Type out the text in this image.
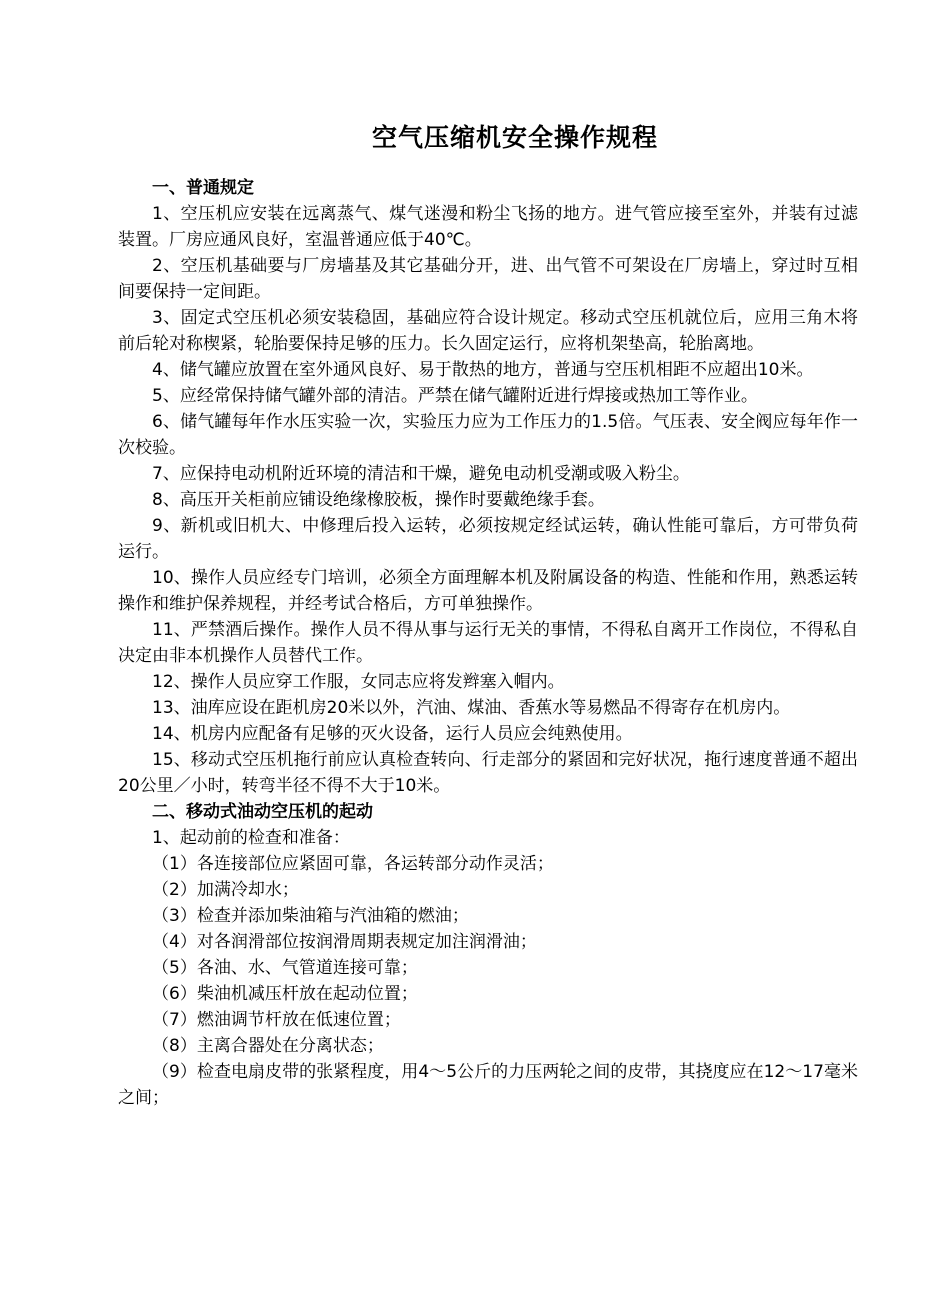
空气压缩机安全操作规程

一、普通规定

1、空压机应安装在远离蒸气、煤气迷漫和粉尘飞扬的地方。进气管应接至室外，并装有过滤装置。厂房应通风良好，室温普通应低于40℃。

2、空压机基础要与厂房墙基及其它基础分开，进、出气管不可架设在厂房墙上，穿过时互相间要保持一定间距。

3、固定式空压机必须安装稳固，基础应符合设计规定。移动式空压机就位后，应用三角木将前后轮对称楔紧，轮胎要保持足够的压力。长久固定运行，应将机架垫高，轮胎离地。

4、储气罐应放置在室外通风良好、易于散热的地方，普通与空压机相距不应超出10米。

5、应经常保持储气罐外部的清洁。严禁在储气罐附近进行焊接或热加工等作业。

6、储气罐每年作水压实验一次，实验压力应为工作压力的1.5倍。气压表、安全阀应每年作一次校验。

7、应保持电动机附近环境的清洁和干燥，避免电动机受潮或吸入粉尘。

8、高压开关柜前应铺设绝缘橡胶板，操作时要戴绝缘手套。

9、新机或旧机大、中修理后投入运转，必须按规定经试运转，确认性能可靠后，方可带负荷运行。

10、操作人员应经专门培训，必须全方面理解本机及附属设备的构造、性能和作用，熟悉运转操作和维护保养规程，并经考试合格后，方可单独操作。

11、严禁酒后操作。操作人员不得从事与运行无关的事情，不得私自离开工作岗位，不得私自决定由非本机操作人员替代工作。

12、操作人员应穿工作服，女同志应将发辫塞入帽内。

13、油库应设在距机房20米以外，汽油、煤油、香蕉水等易燃品不得寄存在机房内。

14、机房内应配备有足够的灭火设备，运行人员应会纯熟使用。

15、移动式空压机拖行前应认真检查转向、行走部分的紧固和完好状况，拖行速度普通不超出20公里／小时，转弯半径不得不大于10米。

二、移动式油动空压机的起动

1、起动前的检查和准备：

（1）各连接部位应紧固可靠，各运转部分动作灵活；

（2）加满冷却水；

（3）检查并添加柴油箱与汽油箱的燃油；

（4）对各润滑部位按润滑周期表规定加注润滑油；

（5）各油、水、气管道连接可靠；

（6）柴油机减压杆放在起动位置；

（7）燃油调节杆放在低速位置；

（8）主离合器处在分离状态；

（9）检查电扇皮带的张紧程度，用4～5公斤的力压两轮之间的皮带，其挠度应在12～17毫米之间；
